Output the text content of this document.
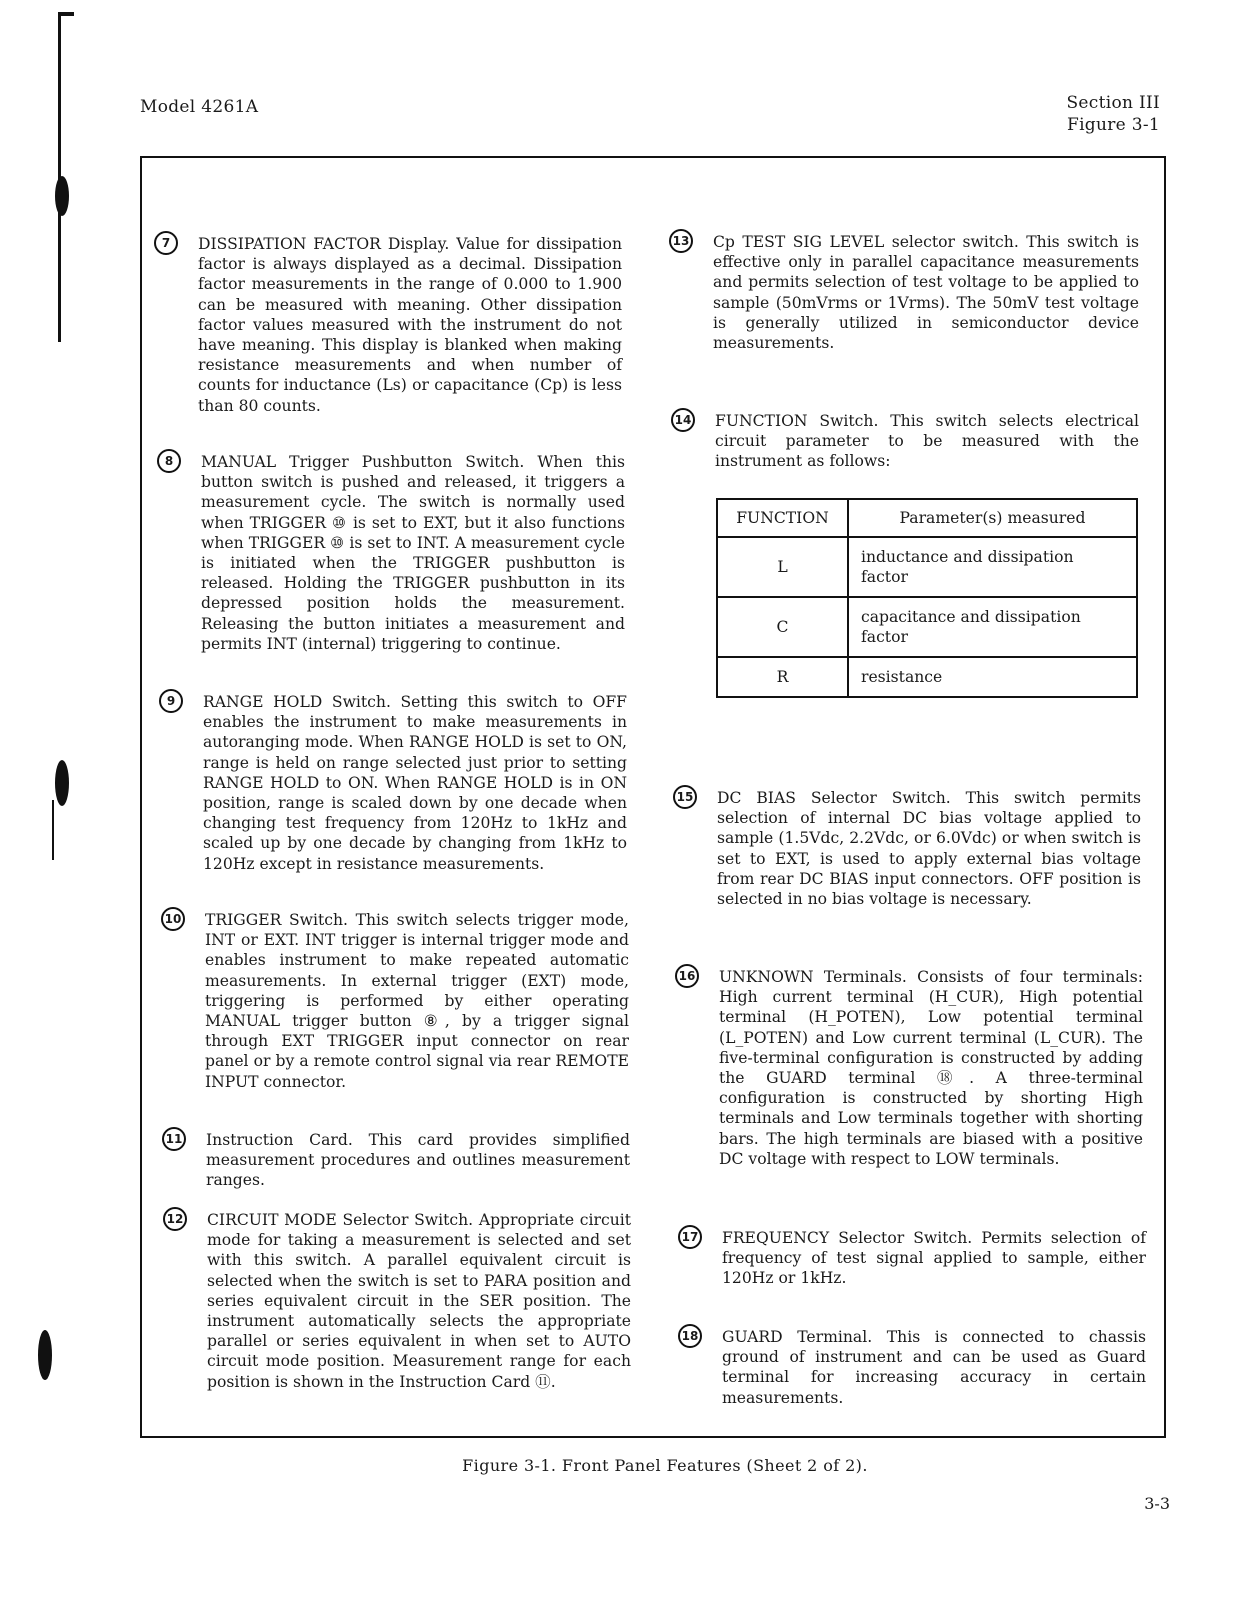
Model 4261A	Section III
Figure 3-1
7	DISSIPATION FACTOR Display. Value for dissipation factor is always displayed as a decimal. Dissipation factor measurements in the range of 0.000 to 1.900 can be measured with meaning. Other dissipation factor values measured with the instrument do not have meaning. This display is blanked when making resistance measurements and when number of counts for inductance (Ls) or capacitance (Cp) is less than 80 counts.

8	MANUAL Trigger Pushbutton Switch. When this button switch is pushed and released, it triggers a measurement cycle. The switch is normally used when TRIGGER ⑩ is set to EXT, but it also functions when TRIGGER ⑩ is set to INT. A measurement cycle is initiated when the TRIGGER pushbutton is released. Holding the TRIGGER pushbutton in its depressed position holds the measurement. Releasing the button initiates a measurement and permits INT (internal) triggering to continue.

9	RANGE HOLD Switch. Setting this switch to OFF enables the instrument to make measurements in autoranging mode. When RANGE HOLD is set to ON, range is held on range selected just prior to setting RANGE HOLD to ON. When RANGE HOLD is in ON position, range is scaled down by one decade when changing test frequency from 120Hz to 1kHz and scaled up by one decade by changing from 1kHz to 120Hz except in resistance measurements.

10 TRIGGER Switch. This switch selects trigger mode, INT or EXT. INT trigger is internal trigger mode and enables instrument to make repeated automatic measurements. In external trigger (EXT) mode, triggering is performed by either operating MANUAL trigger button ⑧, by a trigger signal through EXT TRIGGER input connector on rear panel or by a remote control signal via rear REMOTE INPUT connector.

11 Instruction Card. This card provides simplified measurement procedures and outlines measurement ranges.

12 CIRCUIT MODE Selector Switch. Appropriate circuit mode for taking a measurement is selected and set with this switch. A parallel equivalent circuit is selected when the switch is set to PARA position and series equivalent circuit in the SER position. The instrument automatically selects the appropriate parallel or series equivalent in when set to AUTO circuit mode position. Measurement range for each position is shown in the Instruction Card ⑪.

13 Cp TEST SIG LEVEL selector switch. This switch is effective only in parallel capacitance measurements and permits selection of test voltage to be applied to sample (50mVrms or 1Vrms). The 50mV test voltage is generally utilized in semiconductor device measurements.

14 FUNCTION Switch. This switch selects electrical circuit parameter to be measured with the instrument as follows:

FUNCTION	Parameter(s) measured
L	inductance and dissipation factor
C	capacitance and dissipation factor
R	resistance
15 DC BIAS Selector Switch. This switch permits selection of internal DC bias voltage applied to sample (1.5Vdc, 2.2Vdc, or 6.0Vdc) or when switch is set to EXT, is used to apply external bias voltage from rear DC BIAS input connectors. OFF position is selected in no bias voltage is necessary.

16 UNKNOWN Terminals. Consists of four terminals: High current terminal (H_CUR), High potential terminal (H_POTEN), Low potential terminal (L_POTEN) and Low current terminal (L_CUR). The five-terminal configuration is constructed by adding the GUARD terminal ⑱. A three-terminal configuration is constructed by shorting High terminals and Low terminals together with shorting bars. The high terminals are biased with a positive DC voltage with respect to LOW terminals.

17 FREQUENCY Selector Switch. Permits selection of frequency of test signal applied to sample, either 120Hz or 1kHz.

18 GUARD Terminal. This is connected to chassis ground of instrument and can be used as Guard terminal for increasing accuracy in certain measurements.

Figure 3-1. Front Panel Features (Sheet 2 of 2).
3-3
